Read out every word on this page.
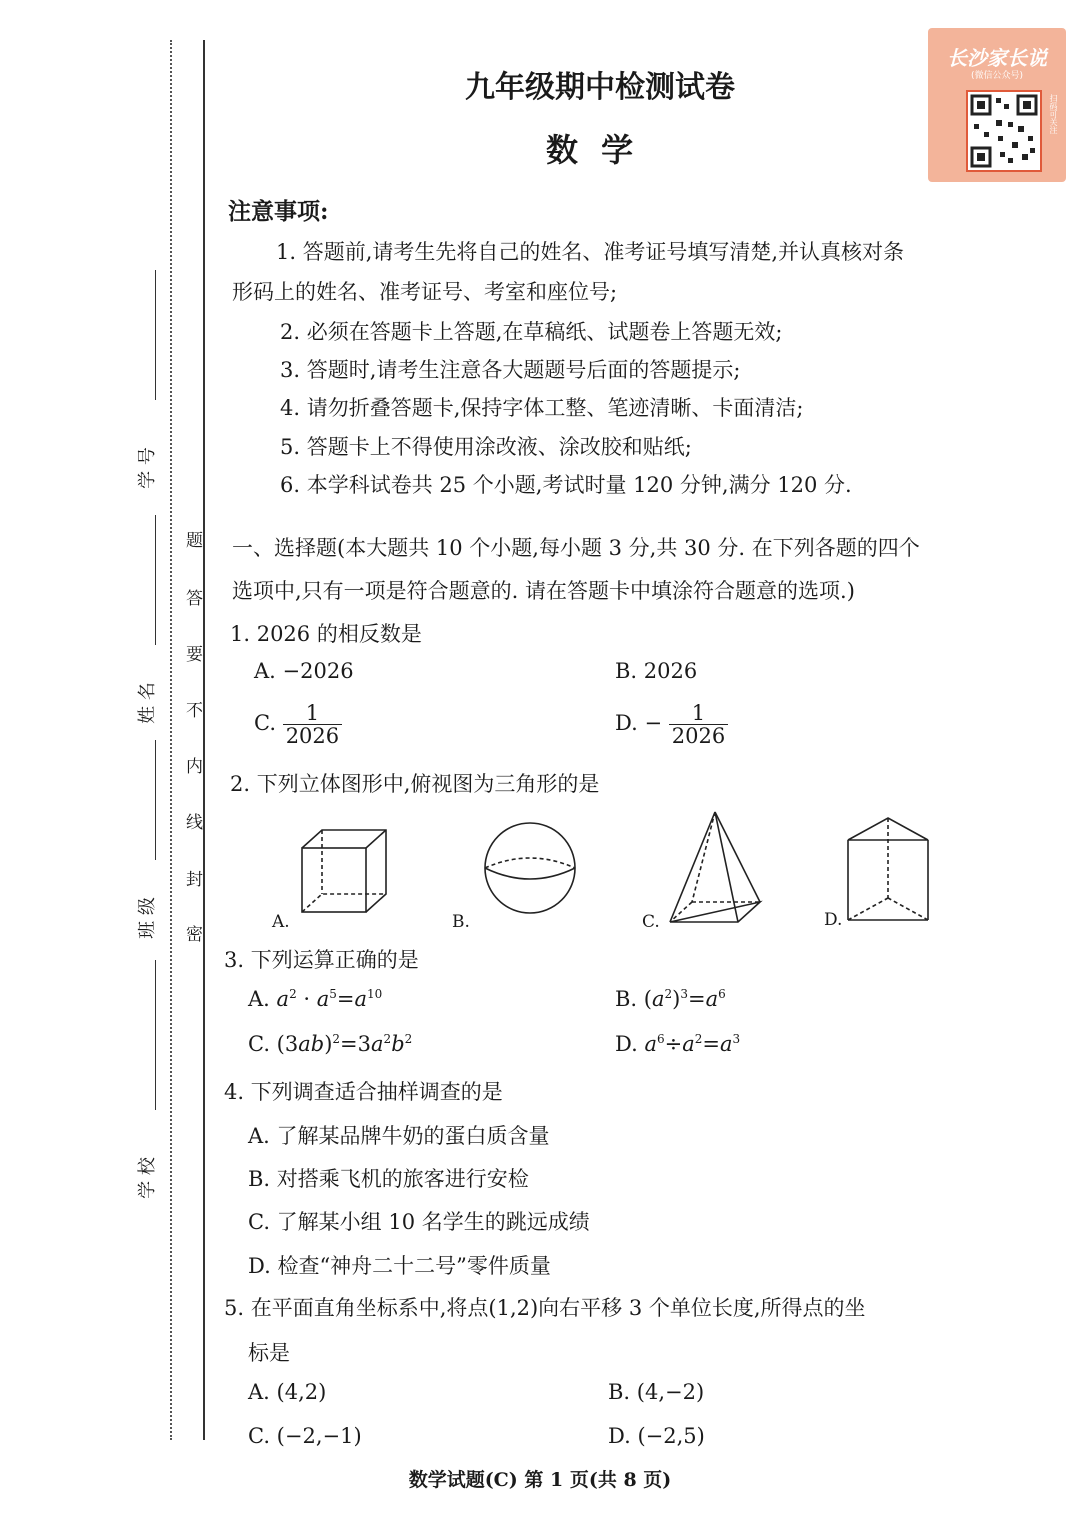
密
封
线
内
不
要
答
题
学 号
姓 名
班 级
学 校
长沙家长说
(微信公众号)
扫码可关注
九年级期中检测试卷
数 学
注意事项:
1. 答题前,请考生先将自己的姓名、准考证号填写清楚,并认真核对条
形码上的姓名、准考证号、考室和座位号;
2. 必须在答题卡上答题,在草稿纸、试题卷上答题无效;
3. 答题时,请考生注意各大题题号后面的答题提示;
4. 请勿折叠答题卡,保持字体工整、笔迹清晰、卡面清洁;
5. 答题卡上不得使用涂改液、涂改胶和贴纸;
6. 本学科试卷共 25 个小题,考试时量 120 分钟,满分 120 分.
一、选择题(本大题共 10 个小题,每小题 3 分,共 30 分. 在下列各题的四个
选项中,只有一项是符合题意的. 请在答题卡中填涂符合题意的选项.)
1. 2026 的相反数是
A. −2026	B. 2026
C. $\frac{1}{2026}$	D. − $\frac{1}{2026}$
2. 下列立体图形中,俯视图为三角形的是
A.	B.	C.	D.
3. 下列运算正确的是
A. $a^2 \cdot a^5=a^{10}$	B. $(a^2)^3=a^6$
C. $(3ab)^2=3a^2b^2$	D. $a^6\div a^2=a^3$
4. 下列调查适合抽样调查的是
A. 了解某品牌牛奶的蛋白质含量
B. 对搭乘飞机的旅客进行安检
C. 了解某小组 10 名学生的跳远成绩
D. 检查“神舟二十二号”零件质量
5. 在平面直角坐标系中,将点(1,2)向右平移 3 个单位长度,所得点的坐
标是
A. (4,2)	B. (4,−2)
C. (−2,−1)	D. (−2,5)
数学试题(C) 第 1 页(共 8 页)
